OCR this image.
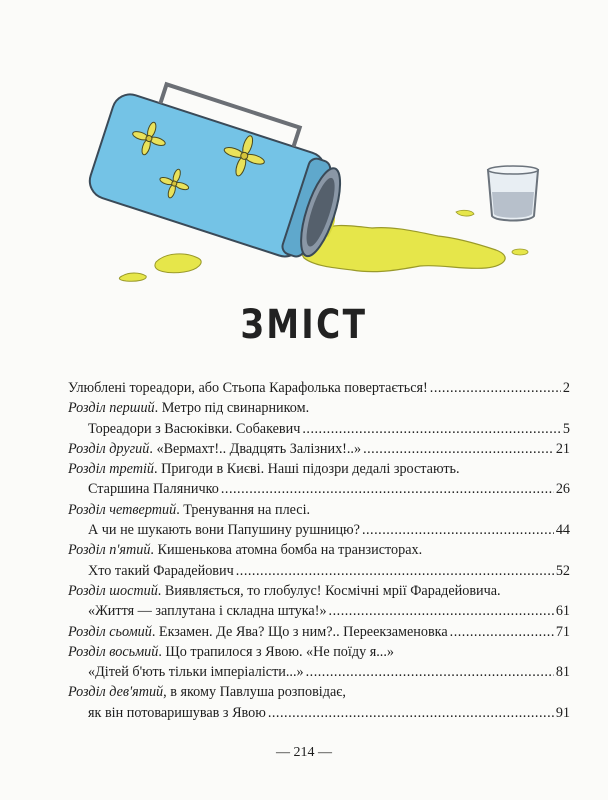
ЗМІСТ
Улюблені тореадори, або Стьопа Карафолька повертається! .....	2
Розділ перший. Метро під свинарником.
Тореадори з Васюківки. Собакевич .....	5
Розділ другий. «Вермахт!.. Двадцять Залізних!..» .....	21
Розділ третій. Пригоди в Києві. Наші підозри дедалі зростають.
Старшина Паляничко .....	26
Розділ четвертий. Тренування на плесі.
А чи не шукають вони Папушину рушницю? .....	44
Розділ п'ятий. Кишенькова атомна бомба на транзисторах.
Хто такий Фарадейович .....	52
Розділ шостий. Виявляється, то глобулус! Космічні мрії Фарадейовича.
«Життя — заплутана і складна штука!» .....	61
Розділ сьомий. Екзамен. Де Ява? Що з ним?.. Переекзаменовка .....	71
Розділ восьмий. Що трапилося з Явою. «Не поїду я...»
«Дітей б'ють тільки імперіалісти...» .....	81
Розділ дев'ятий, в якому Павлуша розповідає,
як він потоваришував з Явою .....	91
— 214 —
